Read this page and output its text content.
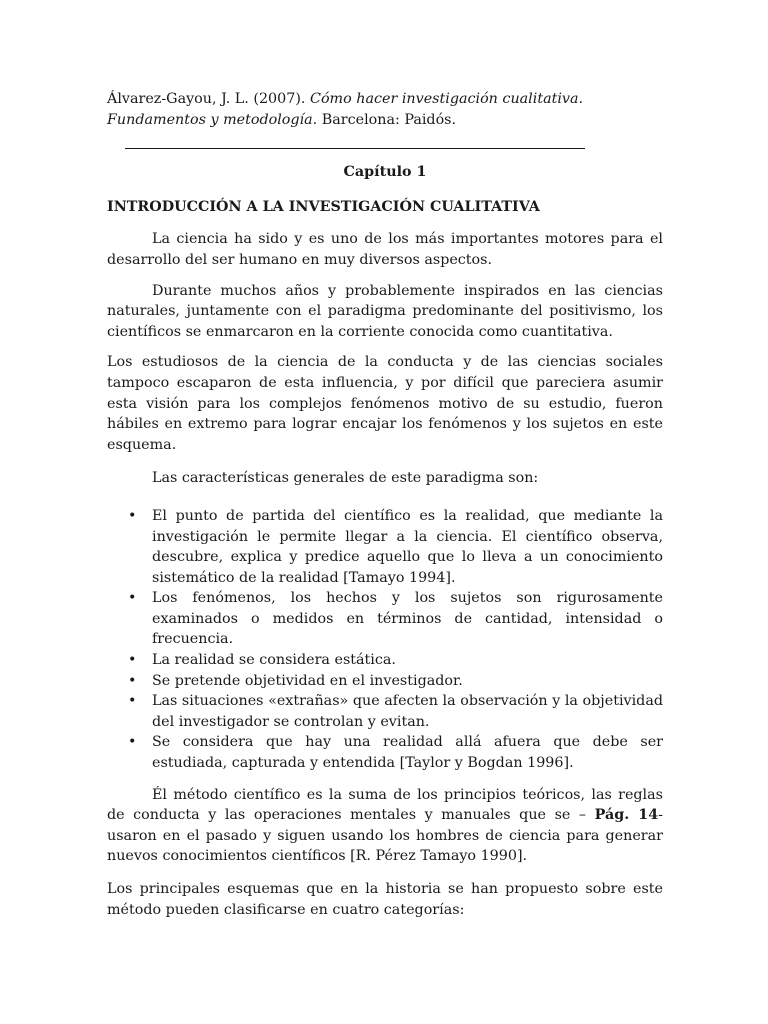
Álvarez-Gayou, J. L. (2007). Cómo hacer investigación cualitativa. Fundamentos y metodología. Barcelona: Paidós.

Capítulo 1
INTRODUCCIÓN A LA INVESTIGACIÓN CUALITATIVA

La ciencia ha sido y es uno de los más importantes motores para el desarrollo del ser humano en muy diversos aspectos.

Durante muchos años y probablemente inspirados en las ciencias naturales, juntamente con el paradigma predominante del positivismo, los científicos se enmarcaron en la corriente conocida como cuantitativa.

Los estudiosos de la ciencia de la conducta y de las ciencias sociales tampoco escaparon de esta influencia, y por difícil que pareciera asumir esta visión para los complejos fenómenos motivo de su estudio, fueron hábiles en extremo para lograr encajar los fenómenos y los sujetos en este esquema.

Las características generales de este paradigma son:

• El punto de partida del científico es la realidad, que mediante la investigación le permite llegar a la ciencia. El científico observa, descubre, explica y predice aquello que lo lleva a un conocimiento sistemático de la realidad [Tamayo 1994].
• Los fenómenos, los hechos y los sujetos son rigurosamente examinados o medidos en términos de cantidad, intensidad o frecuencia.
• La realidad se considera estática.
• Se pretende objetividad en el investigador.
• Las situaciones «extrañas» que afecten la observación y la objetividad del investigador se controlan y evitan.
• Se considera que hay una realidad allá afuera que debe ser estudiada, capturada y entendida [Taylor y Bogdan 1996].

Él método científico es la suma de los principios teóricos, las reglas de conducta y las operaciones mentales y manuales que se – Pág. 14- usaron en el pasado y siguen usando los hombres de ciencia para generar nuevos conocimientos científicos [R. Pérez Tamayo 1990].

Los principales esquemas que en la historia se han propuesto sobre este método pueden clasificarse en cuatro categorías:
